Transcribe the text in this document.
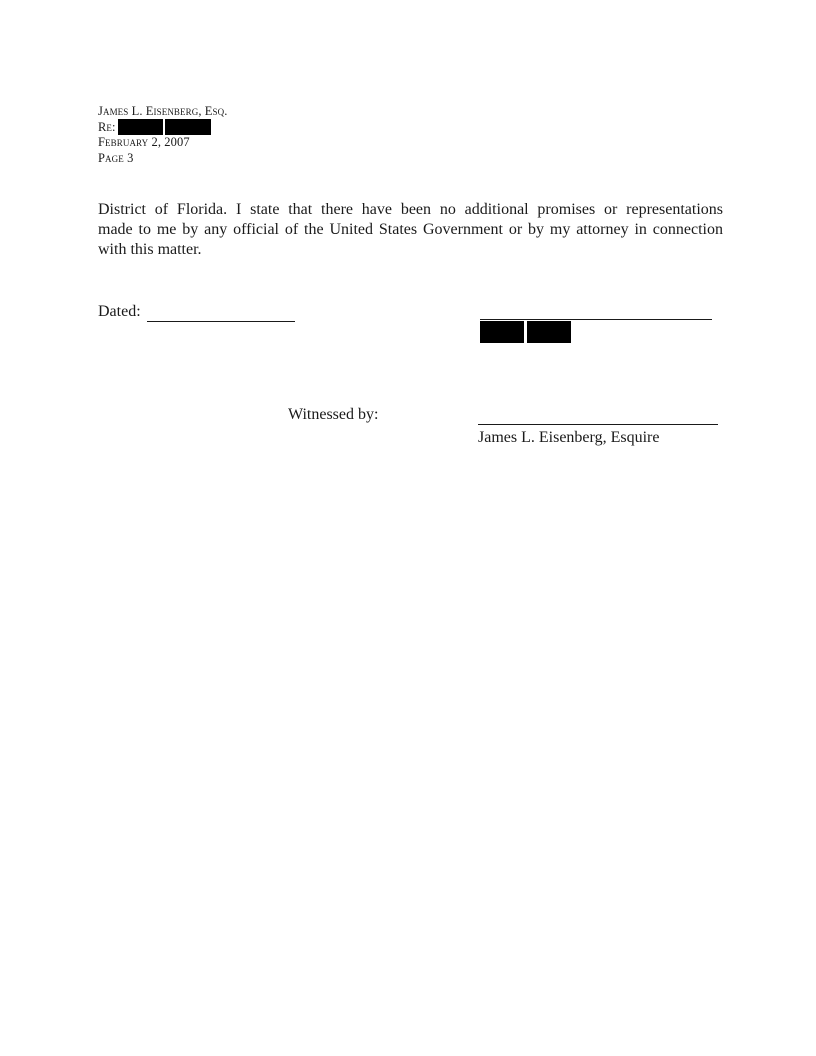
James L. Eisenberg, Esq.
Re:
February 2, 2007
Page 3
District of Florida. I state that there have been no additional promises or representations
made to me by any official of the United States Government or by my attorney in connection
with this matter.
Dated:
Witnessed by:
James L. Eisenberg, Esquire
